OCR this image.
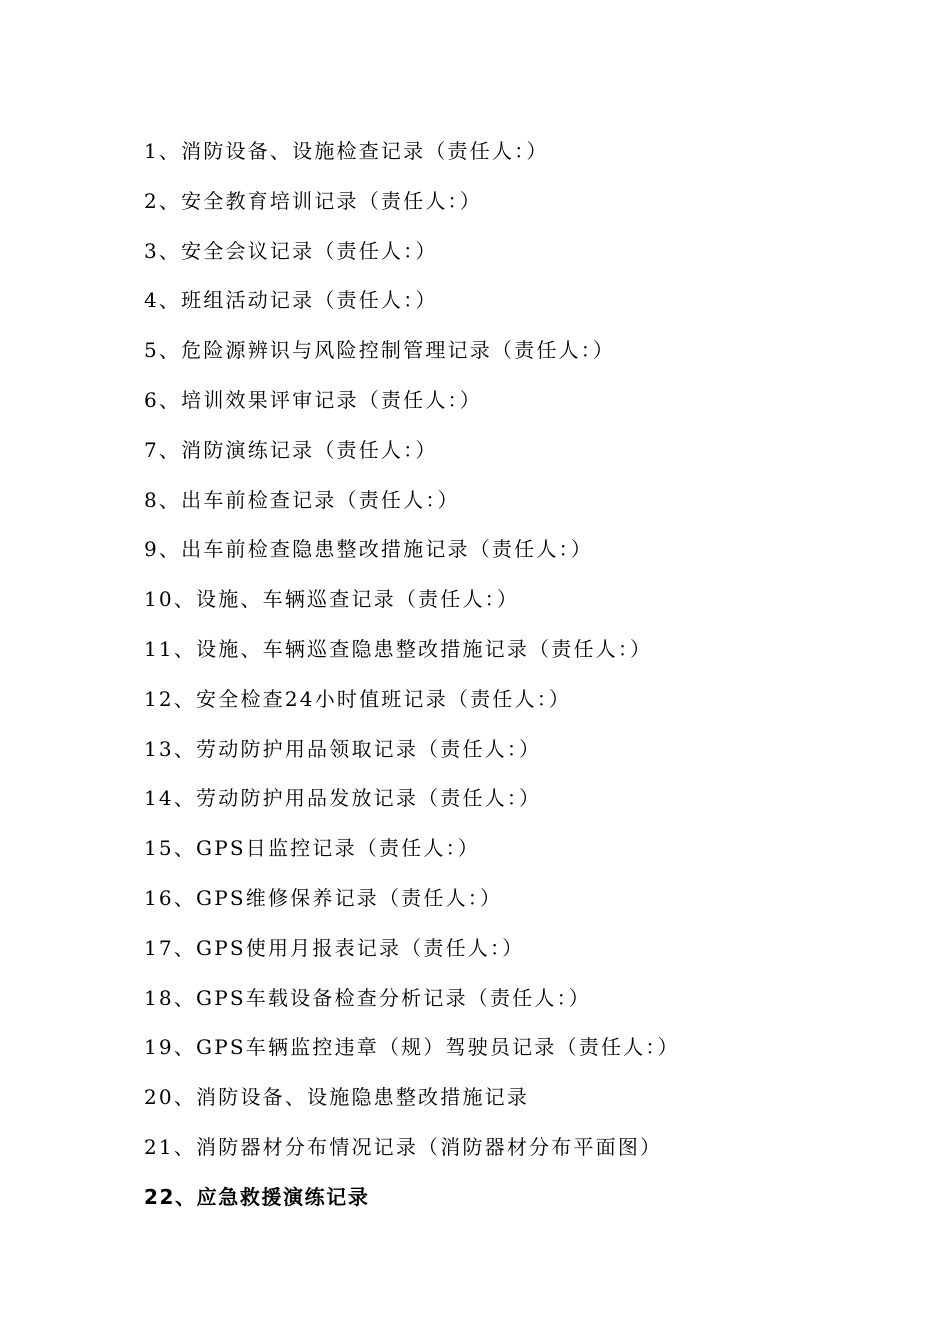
1、消防设备、设施检查记录（责任人：）
2、安全教育培训记录（责任人：）
3、安全会议记录（责任人：）
4、班组活动记录（责任人：）
5、危险源辨识与风险控制管理记录（责任人：）
6、培训效果评审记录（责任人：）
7、消防演练记录（责任人：）
8、出车前检查记录（责任人：）
9、出车前检查隐患整改措施记录（责任人：）
10、设施、车辆巡查记录（责任人：）
11、设施、车辆巡查隐患整改措施记录（责任人：）
12、安全检查24小时值班记录（责任人：）
13、劳动防护用品领取记录（责任人：）
14、劳动防护用品发放记录（责任人：）
15、GPS日监控记录（责任人：）
16、GPS维修保养记录（责任人：）
17、GPS使用月报表记录（责任人：）
18、GPS车载设备检查分析记录（责任人：）
19、GPS车辆监控违章（规）驾驶员记录（责任人：）
20、消防设备、设施隐患整改措施记录
21、消防器材分布情况记录（消防器材分布平面图）
22、应急救援演练记录
